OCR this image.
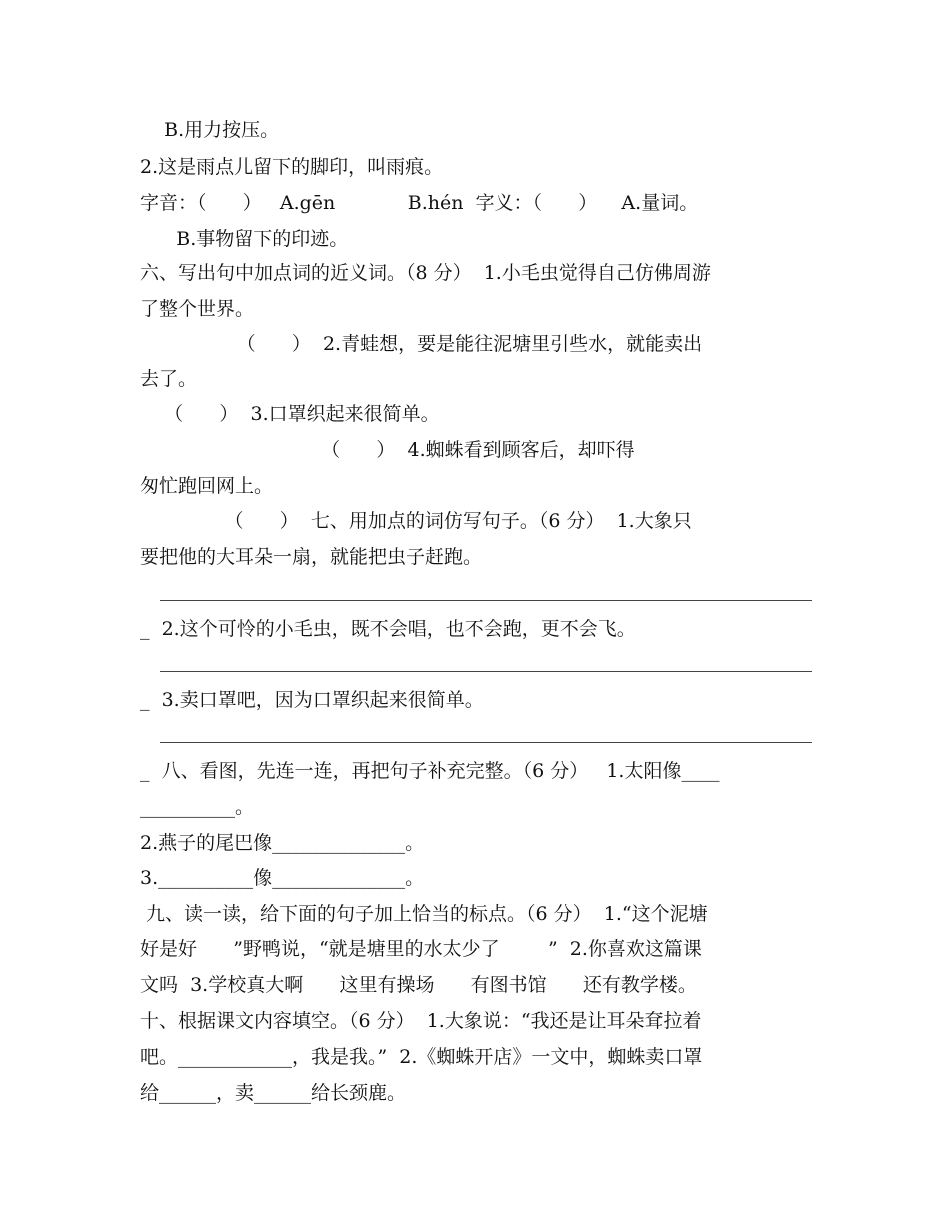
B.用力按压。
2.这是雨点儿留下的脚印，叫雨痕。
字音：（      ）   A.gēn            B.hén  字义：（      ）    A.量词。
B.事物留下的印迹。
六、写出句中加点词的近义词。（8 分）  1.小毛虫觉得自己仿佛周游
了整个世界。
（      ）  2.青蛙想，要是能往泥塘里引些水，就能卖出
去了。
（      ）  3.口罩织起来很简单。
（      ）  4.蜘蛛看到顾客后，却吓得
匆忙跑回网上。
（      ）  七、用加点的词仿写句子。（6 分）  1.大象只
要把他的大耳朵一扇，就能把虫子赶跑。
_  2.这个可怜的小毛虫，既不会唱，也不会跑，更不会飞。
_  3.卖口罩吧，因为口罩织起来很简单。
_  八、看图，先连一连，再把句子补充完整。（6 分）   1.太阳像____
__________。
2.燕子的尾巴像______________。
3.__________像______________。
九、读一读，给下面的句子加上恰当的标点。（6 分）  1.“这个泥塘
好是好      ”野鸭说，“就是塘里的水太少了        ”  2.你喜欢这篇课
文吗  3.学校真大啊      这里有操场      有图书馆      还有教学楼。
十、根据课文内容填空。（6 分）  1.大象说：“我还是让耳朵耷拉着
吧。____________，我是我。”  2.《蜘蛛开店》一文中，蜘蛛卖口罩
给______，卖______给长颈鹿。
